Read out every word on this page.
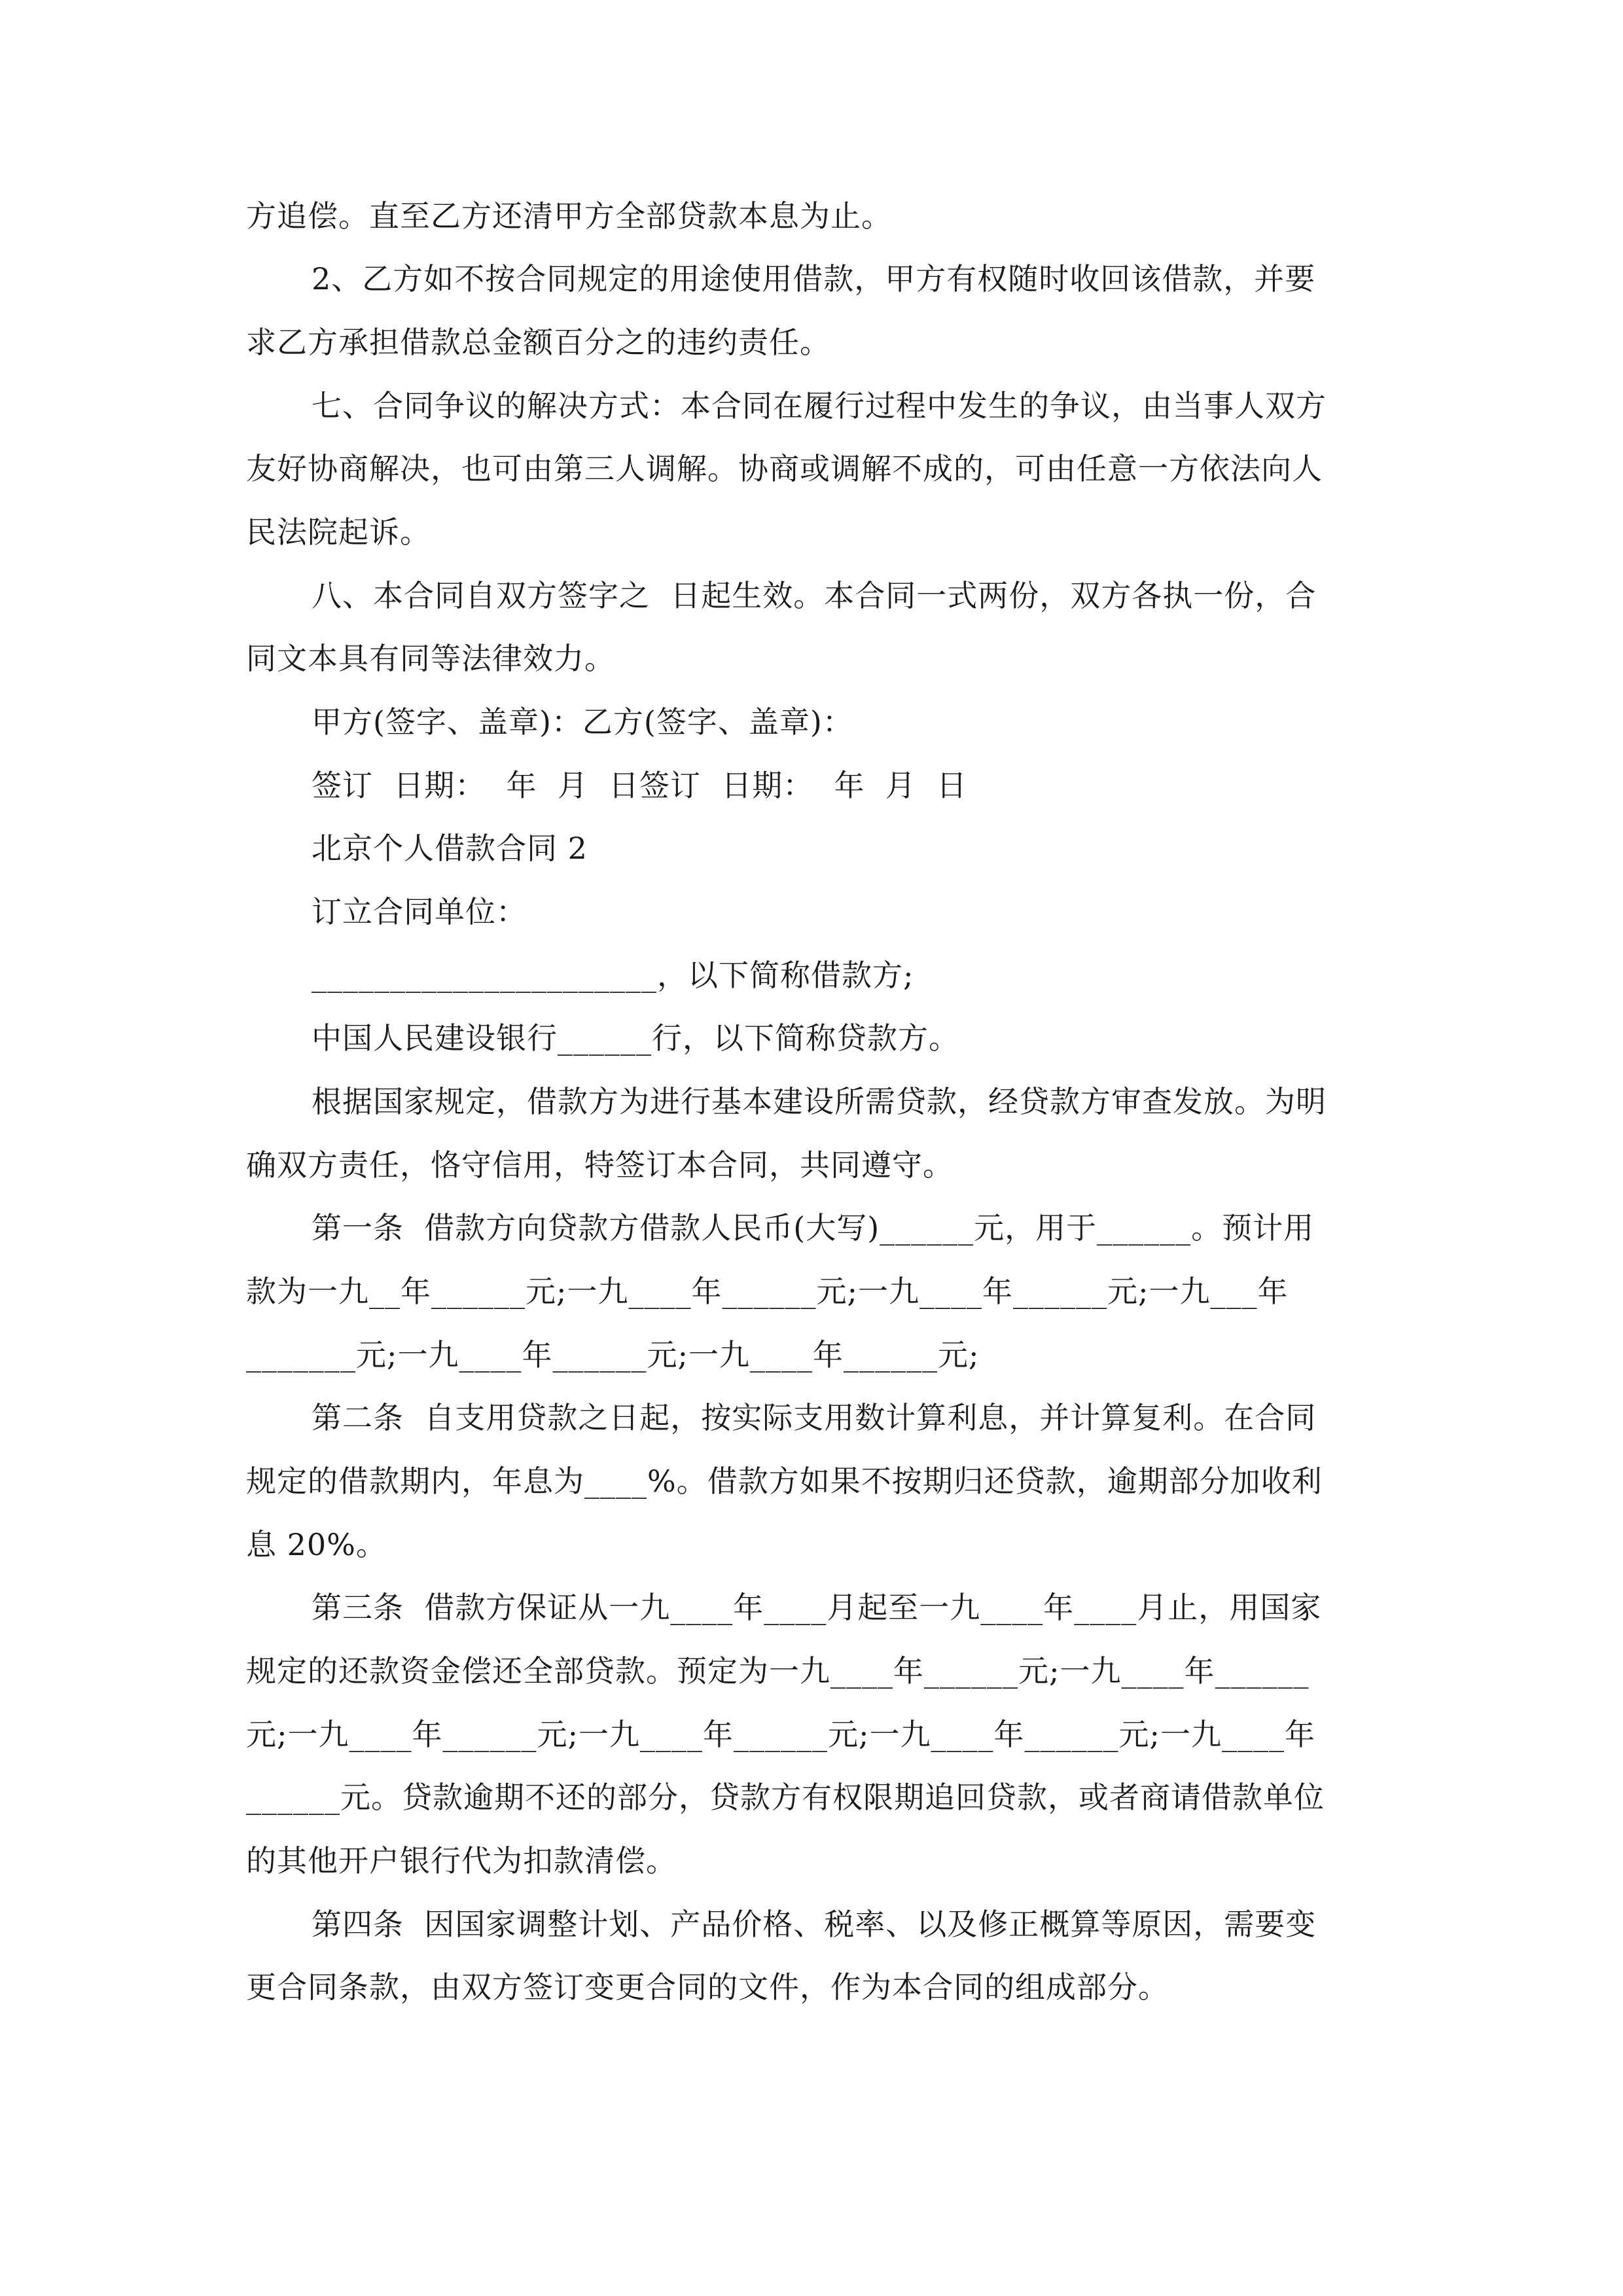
方追偿。直至乙方还清甲方全部贷款本息为止。
2、乙方如不按合同规定的用途使用借款，甲方有权随时收回该借款，并要
求乙方承担借款总金额百分之的违约责任。
七、合同争议的解决方式：本合同在履行过程中发生的争议，由当事人双方
友好协商解决，也可由第三人调解。协商或调解不成的，可由任意一方依法向人
民法院起诉。
八、本合同自双方签字之  日起生效。本合同一式两份，双方各执一份，合
同文本具有同等法律效力。
甲方(签字、盖章)：乙方(签字、盖章)：
签订  日期：  年  月  日签订  日期：  年  月  日
北京个人借款合同 2
订立合同单位：
______________________，以下简称借款方;
中国人民建设银行______行，以下简称贷款方。
根据国家规定，借款方为进行基本建设所需贷款，经贷款方审查发放。为明
确双方责任，恪守信用，特签订本合同，共同遵守。
第一条  借款方向贷款方借款人民币(大写)______元，用于______。预计用
款为一九__年______元;一九____年______元;一九____年______元;一九___年
_______元;一九____年______元;一九____年______元;
第二条  自支用贷款之日起，按实际支用数计算利息，并计算复利。在合同
规定的借款期内，年息为____%。借款方如果不按期归还贷款，逾期部分加收利
息 20%。
第三条  借款方保证从一九____年____月起至一九____年____月止，用国家
规定的还款资金偿还全部贷款。预定为一九____年______元;一九____年______
元;一九____年______元;一九____年______元;一九____年______元;一九____年
______元。贷款逾期不还的部分，贷款方有权限期追回贷款，或者商请借款单位
的其他开户银行代为扣款清偿。
第四条  因国家调整计划、产品价格、税率、以及修正概算等原因，需要变
更合同条款，由双方签订变更合同的文件，作为本合同的组成部分。
